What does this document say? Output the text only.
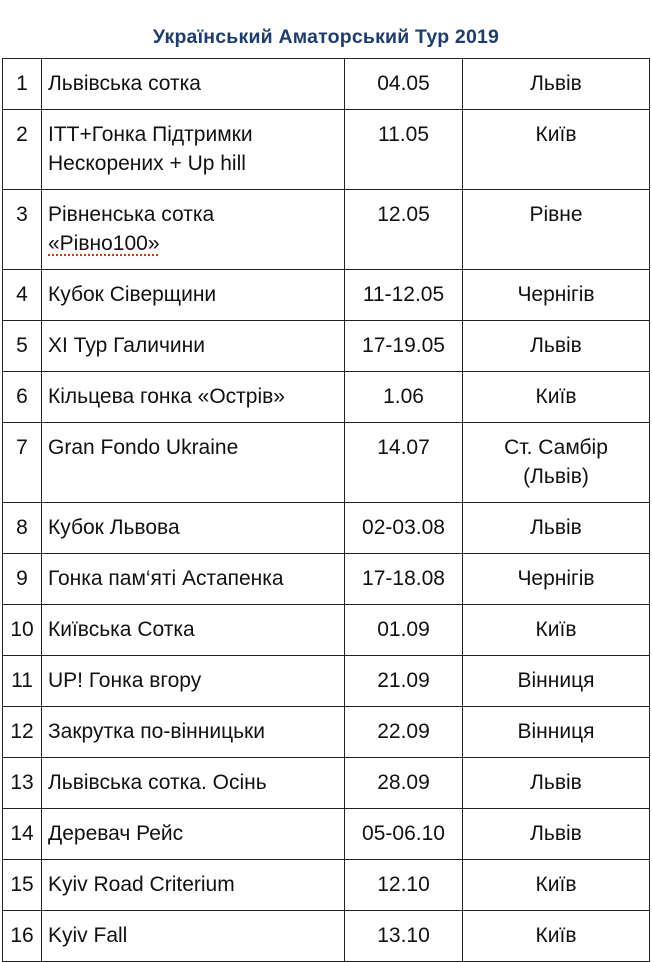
Український Аматорський Тур 2019
1	Львівська сотка	04.05	Львів

2	ITT+Гонка Підтримки
Нескорених + Up hill	11.05	Київ

3	Рівненська сотка
«Рівно100»	12.05	Рівне

4	Кубок Сіверщини	11-12.05	Чернігів

5	XI Тур Галичини	17-19.05	Львів

6	Кільцева гонка «Острів»	1.06	Київ

7	Gran Fondo Ukraine	14.07	Ст. Самбір
(Львів)

8	Кубок Львова	02-03.08	Львів

9	Гонка пам‘яті Астапенка	17-18.08	Чернігів

10	Київська Сотка	01.09	Київ

11	UP! Гонка вгору	21.09	Вінниця

12	Закрутка по-вінницьки	22.09	Вінниця

13	Львівська сотка. Осінь	28.09	Львів

14	Деревач Рейс	05-06.10	Львів

15	Kyiv Road Criterium	12.10	Київ

16	Kyiv Fall	13.10	Київ
